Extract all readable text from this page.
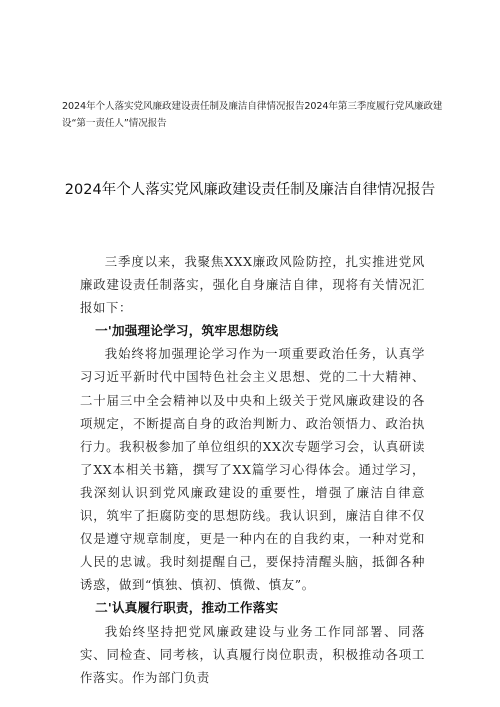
2024年个人落实党风廉政建设责任制及廉洁自律情况报告2024年第三季度履行党风廉政建设“第一责任人”情况报告

2024年个人落实党风廉政建设责任制及廉洁自律情况报告

三季度以来，我聚焦XXX廉政风险防控，扎实推进党风廉政建设责任制落实，强化自身廉洁自律，现将有关情况汇报如下：

一'加强理论学习，筑牢思想防线

我始终将加强理论学习作为一项重要政治任务，认真学习习近平新时代中国特色社会主义思想、党的二十大精神、二十届三中全会精神以及中央和上级关于党风廉政建设的各项规定，不断提高自身的政治判断力、政治领悟力、政治执行力。我积极参加了单位组织的XX次专题学习会，认真研读了XX本相关书籍，撰写了XX篇学习心得体会。通过学习，我深刻认识到党风廉政建设的重要性，增强了廉洁自律意识，筑牢了拒腐防变的思想防线。我认识到，廉洁自律不仅仅是遵守规章制度，更是一种内在的自我约束，一种对党和人民的忠诚。我时刻提醒自己，要保持清醒头脑，抵御各种诱惑，做到“慎独、慎初、慎微、慎友”。

二'认真履行职责，推动工作落实

我始终坚持把党风廉政建设与业务工作同部署、同落实、同检查、同考核，认真履行岗位职责，积极推动各项工作落实。作为部门负责
